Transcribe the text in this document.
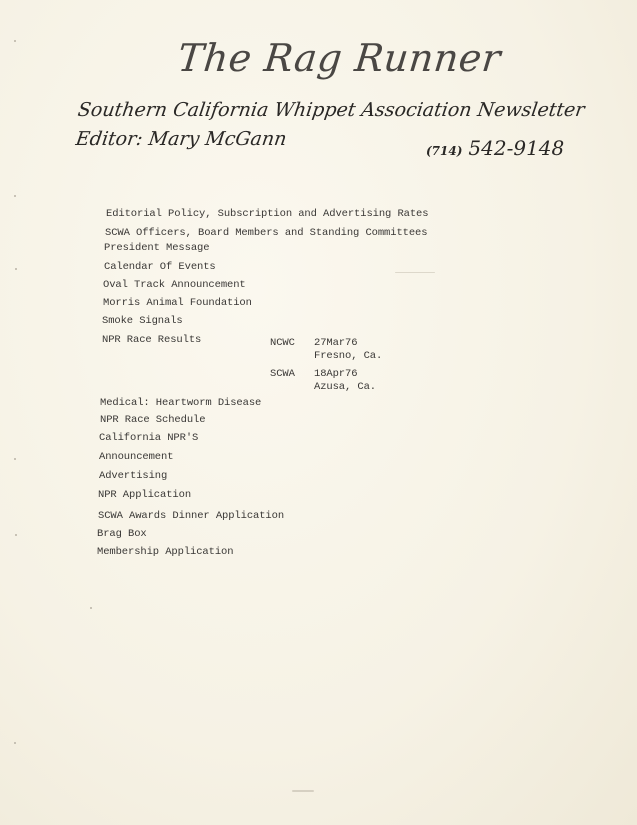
The Rag Runner
Southern California Whippet Association Newsletter
Editor: Mary McGann
(714) 542-9148
Editorial Policy, Subscription and Advertising Rates
SCWA Officers, Board Members and Standing Committees
President Message
Calendar Of Events
Oval Track Announcement
Morris Animal Foundation
Smoke Signals
NPR Race Results	NCWC 27Mar76
Fresno, Ca.
SCWA 18Apr76
Azusa, Ca.
Medical: Heartworm Disease
NPR Race Schedule
California NPR'S
Announcement
Advertising
NPR Application
SCWA Awards Dinner Application
Brag Box
Membership Application
